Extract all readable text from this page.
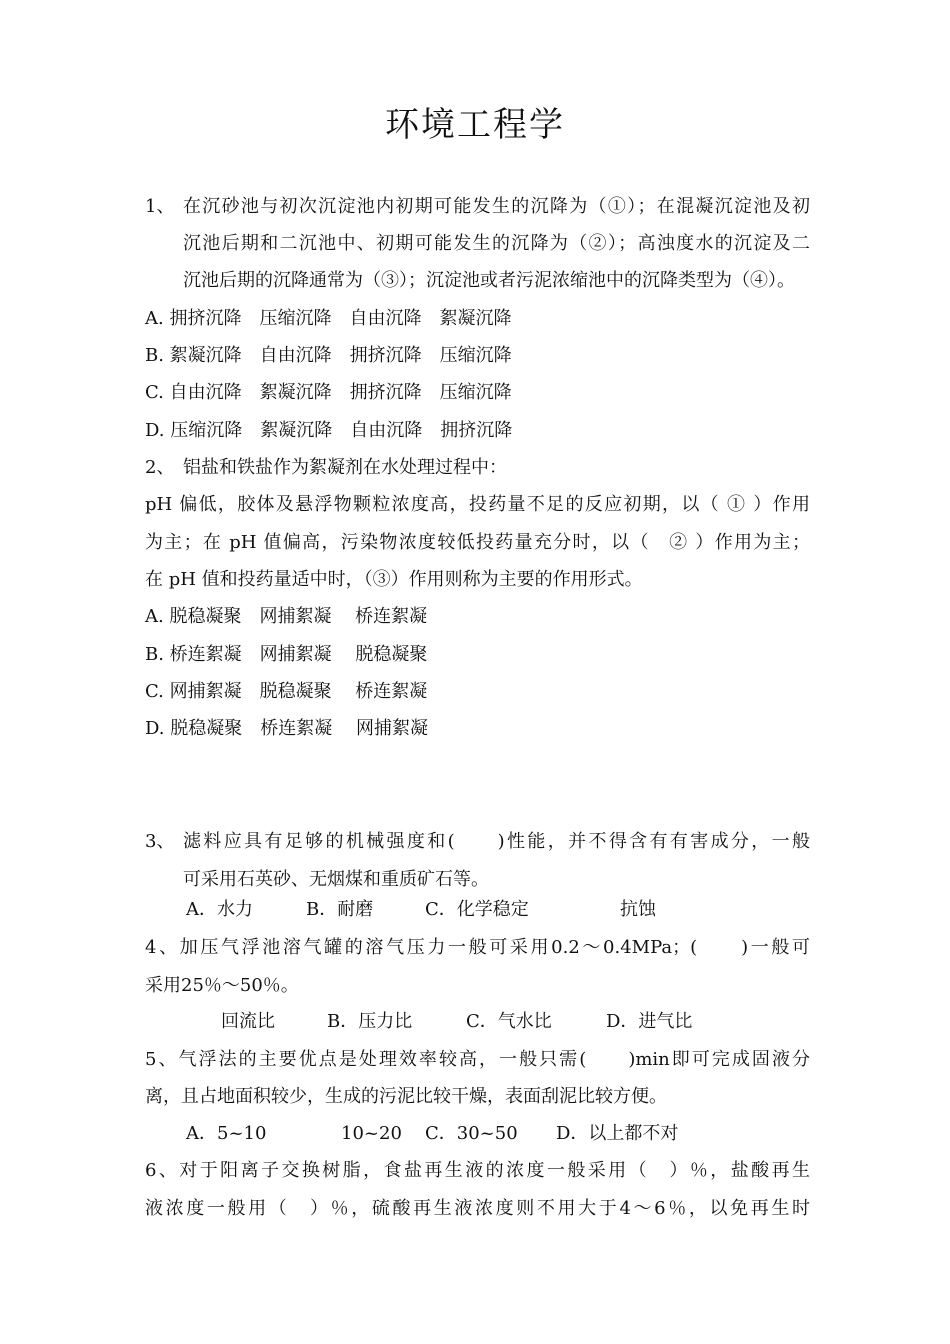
环境工程学
1、 在沉砂池与初次沉淀池内初期可能发生的沉降为（①）；在混凝沉淀池及初
沉池后期和二沉池中、初期可能发生的沉降为（②）；高浊度水的沉淀及二
沉池后期的沉降通常为（③）；沉淀池或者污泥浓缩池中的沉降类型为（④）。
A. 拥挤沉降　压缩沉降　自由沉降　絮凝沉降
B. 絮凝沉降　自由沉降　拥挤沉降　压缩沉降
C. 自由沉降　絮凝沉降　拥挤沉降　压缩沉降
D. 压缩沉降　絮凝沉降　自由沉降　拥挤沉降
2、 铝盐和铁盐作为絮凝剂在水处理过程中：
pH 偏低，胶体及悬浮物颗粒浓度高，投药量不足的反应初期，以（ ① ）作用
为主；在 pH 值偏高，污染物浓度较低投药量充分时，以（　② ）作用为主；
在 pH 值和投药量适中时，（③）作用则称为主要的作用形式。
A. 脱稳凝聚　网捕絮凝　 桥连絮凝
B. 桥连絮凝　网捕絮凝　 脱稳凝聚
C. 网捕絮凝　脱稳凝聚　 桥连絮凝
D. 脱稳凝聚　桥连絮凝　 网捕絮凝
3、 滤料应具有足够的机械强度和(　　)性能，并不得含有有害成分，一般
可采用石英砂、无烟煤和重质矿石等。
A．水力	B．耐磨	C．化学稳定	抗蚀
4、加压气浮池溶气罐的溶气压力一般可采用0.2～0.4MPa；(　　)一般可
采用25％～50％。
回流比	B．压力比	C．气水比	D．进气比
5、气浮法的主要优点是处理效率较高，一般只需(　　)min即可完成固液分
离，且占地面积较少，生成的污泥比较干燥，表面刮泥比较方便。
A．5~10	10~20 C．30~50 D．以上都不对
6、对于阳离子交换树脂，食盐再生液的浓度一般采用（　）％，盐酸再生
液浓度一般用（　）％，硫酸再生液浓度则不用大于4～6％，以免再生时
